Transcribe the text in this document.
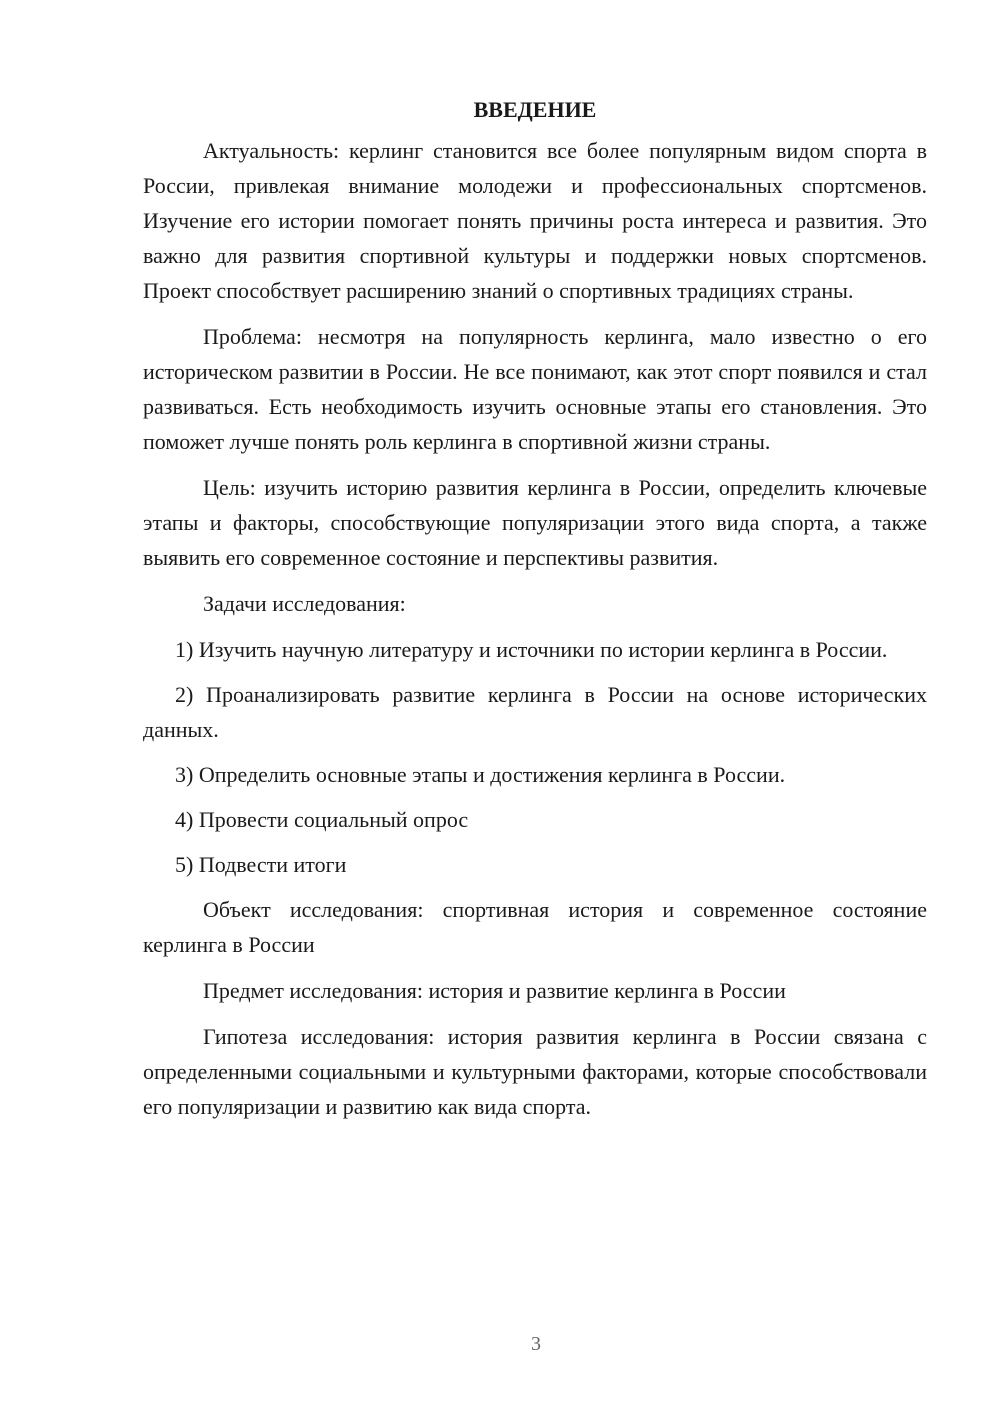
ВВЕДЕНИЕ

Актуальность: керлинг становится все более популярным видом спорта в России, привлекая внимание молодежи и профессиональных спортсменов. Изучение его истории помогает понять причины роста интереса и развития. Это важно для развития спортивной культуры и поддержки новых спортсменов. Проект способствует расширению знаний о спортивных традициях страны.

Проблема: несмотря на популярность керлинга, мало известно о его историческом развитии в России. Не все понимают, как этот спорт появился и стал развиваться. Есть необходимость изучить основные этапы его становления. Это поможет лучше понять роль керлинга в спортивной жизни страны.

Цель: изучить историю развития керлинга в России, определить ключевые этапы и факторы, способствующие популяризации этого вида спорта, а также выявить его современное состояние и перспективы развития.

Задачи исследования:

1) Изучить научную литературу и источники по истории керлинга в России.

2) Проанализировать развитие керлинга в России на основе исторических данных.

3) Определить основные этапы и достижения керлинга в России.

4) Провести социальный опрос

5) Подвести итоги

Объект исследования: спортивная история и современное состояние керлинга в России

Предмет исследования: история и развитие керлинга в России

Гипотеза исследования: история развития керлинга в России связана с определенными социальными и культурными факторами, которые способствовали его популяризации и развитию как вида спорта.

3
